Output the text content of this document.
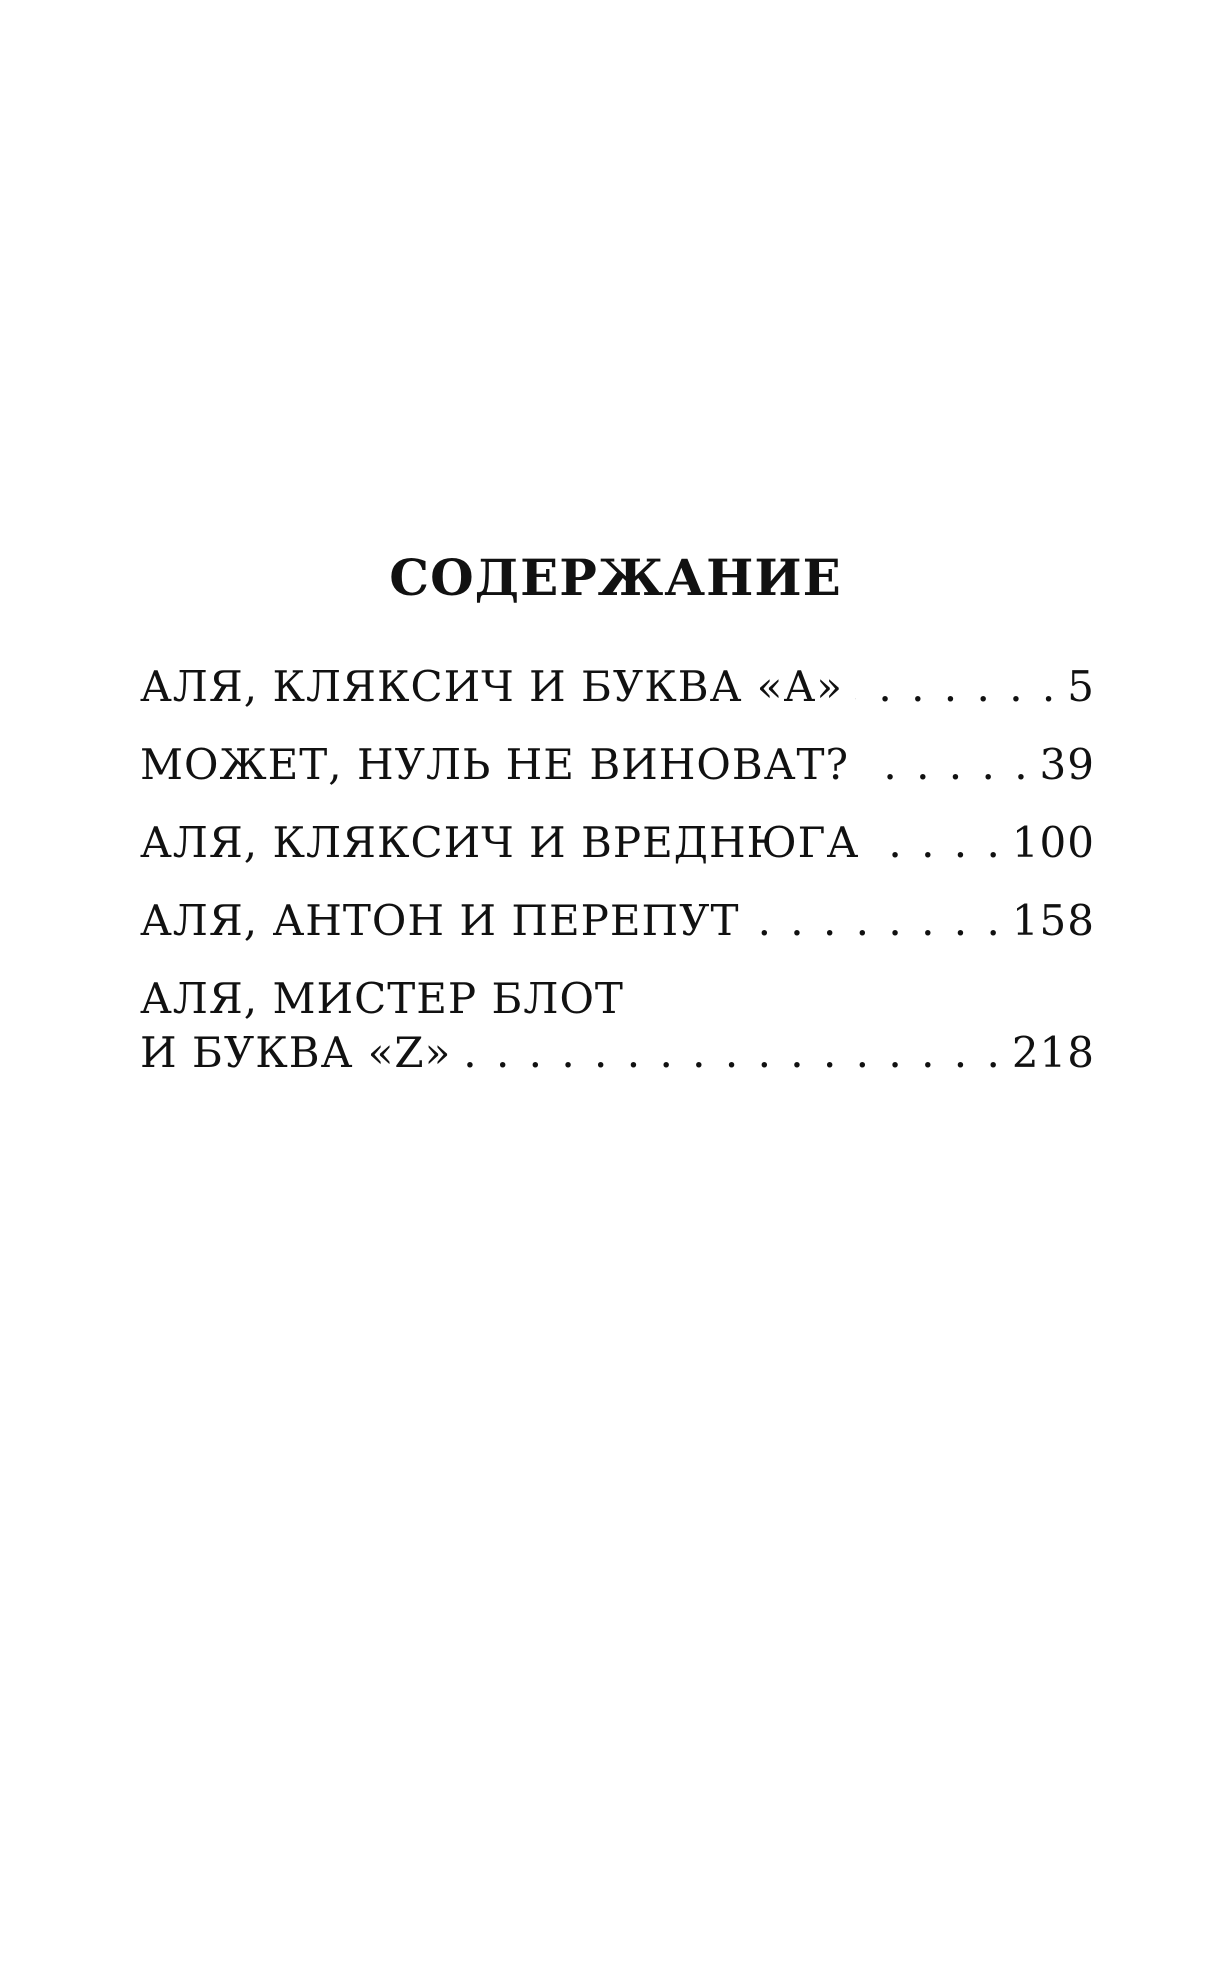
СОДЕРЖАНИЕ
АЛЯ, КЛЯКСИЧ И БУКВА «А» . . .	5
МОЖЕТ, НУЛЬ НЕ ВИНОВАТ? . . .	39
АЛЯ, КЛЯКСИЧ И ВРЕДНЮГА . . .	100
АЛЯ, АНТОН И ПЕРЕПУТ . . .	158
АЛЯ, МИСТЕР БЛОТ
И БУКВА «Z» . . .	218
